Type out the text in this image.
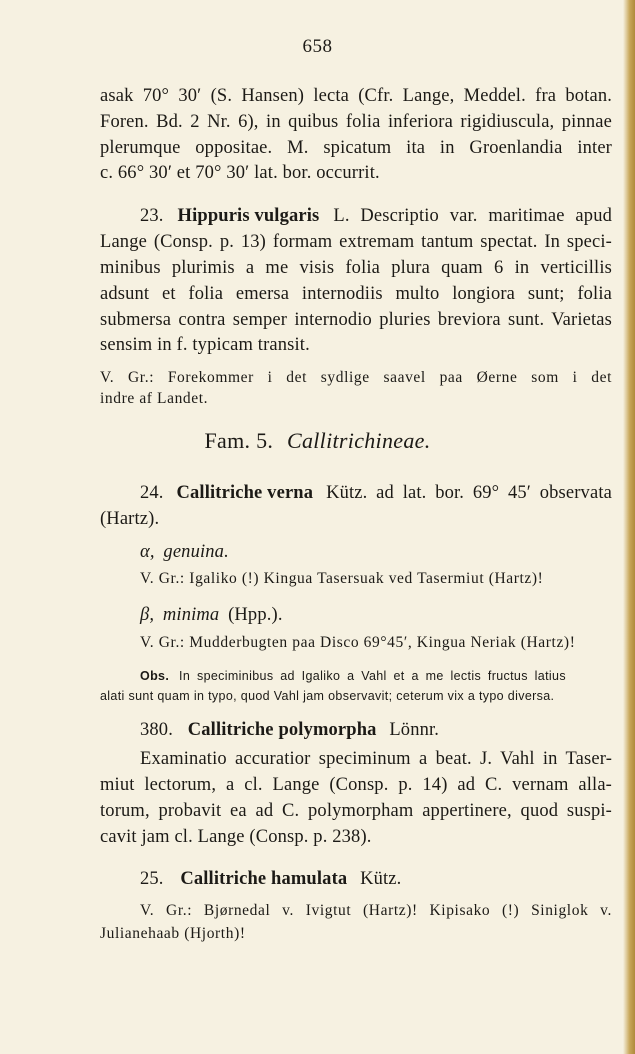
658
asak 70° 30′ (S. Hansen) lecta (Cfr. Lange, Meddel. fra botan.
Foren. Bd. 2 Nr. 6), in quibus folia inferiora rigidiuscula, pinnae
plerumque oppositae. M. spicatum ita in Groenlandia inter
c. 66° 30′ et 70° 30′ lat. bor. occurrit.
23. Hippuris vulgaris L. Descriptio var. maritimae apud
Lange (Consp. p. 13) formam extremam tantum spectat. In speci-
minibus plurimis a me visis folia plura quam 6 in verticillis
adsunt et folia emersa internodiis multo longiora sunt; folia
submersa contra semper internodio pluries breviora sunt. Varietas
sensim in f. typicam transit.
V. Gr.: Forekommer i det sydlige saavel paa Øerne som i det
indre af Landet.
Fam. 5. Callitrichineae.
24. Callitriche verna Kütz. ad lat. bor. 69° 45′ observata
(Hartz).
α, genuina.
V. Gr.: Igaliko (!) Kingua Tasersuak ved Tasermiut (Hartz)!
β, minima (Hpp.).
V. Gr.: Mudderbugten paa Disco 69°45′, Kingua Neriak (Hartz)!
Obs. In speciminibus ad Igaliko a Vahl et a me lectis fructus latius
alati sunt quam in typo, quod Vahl jam observavit; ceterum vix a typo diversa.
380. Callitriche polymorpha Lönnr.
Examinatio accuratior speciminum a beat. J. Vahl in Taser-
miut lectorum, a cl. Lange (Consp. p. 14) ad C. vernam alla-
torum, probavit ea ad C. polymorpham appertinere, quod suspi-
cavit jam cl. Lange (Consp. p. 238).
25. Callitriche hamulata Kütz.
V. Gr.: Bjørnedal v. Ivigtut (Hartz)! Kipisako (!) Siniglok v.
Julianehaab (Hjorth)!
